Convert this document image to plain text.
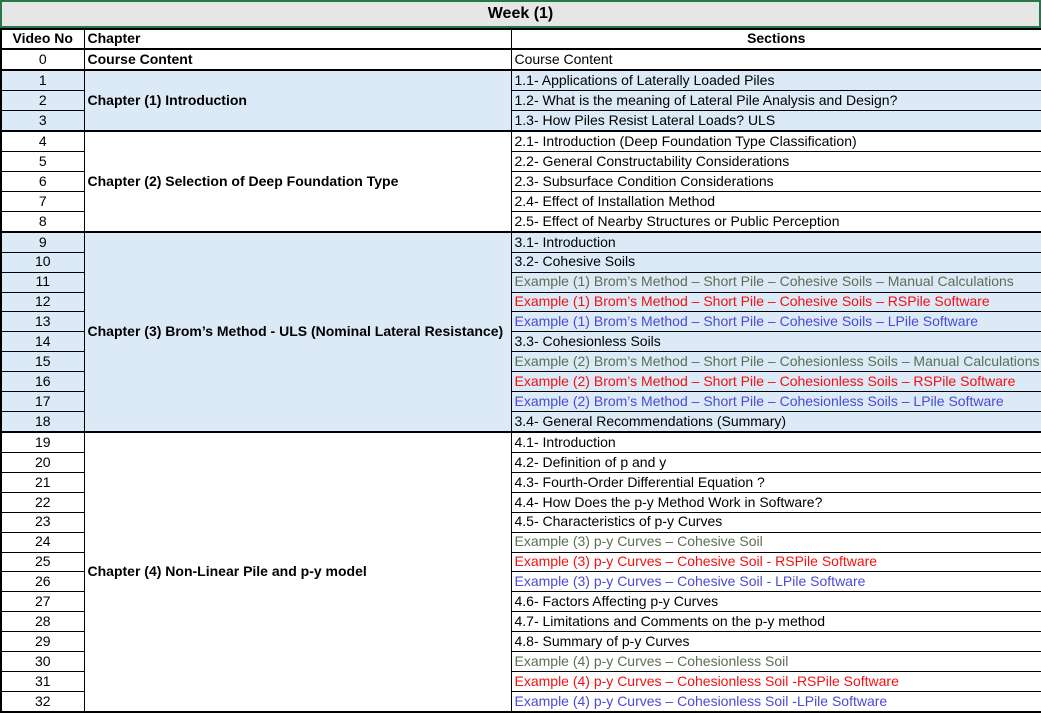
Week (1)
Video No	Chapter	Sections
0	Course Content	Course Content
1	Chapter (1) Introduction	1.1- Applications of Laterally Loaded Piles
2		1.2- What is the meaning of Lateral Pile Analysis and Design?
3		1.3- How Piles Resist Lateral Loads? ULS
4	Chapter (2) Selection of Deep Foundation Type	2.1- Introduction (Deep Foundation Type Classification)
5		2.2- General Constructability Considerations
6		2.3- Subsurface Condition Considerations
7		2.4- Effect of Installation Method
8		2.5- Effect of Nearby Structures or Public Perception
9	Chapter (3) Brom’s Method - ULS (Nominal Lateral Resistance)	3.1- Introduction
10		3.2- Cohesive Soils
11		Example (1) Brom’s Method – Short Pile – Cohesive Soils – Manual Calculations
12		Example (1) Brom’s Method – Short Pile – Cohesive Soils – RSPile Software
13		Example (1) Brom’s Method – Short Pile – Cohesive Soils – LPile Software
14		3.3- Cohesionless Soils
15		Example (2) Brom’s Method – Short Pile – Cohesionless Soils – Manual Calculations
16		Example (2) Brom’s Method – Short Pile – Cohesionless Soils – RSPile Software
17		Example (2) Brom’s Method – Short Pile – Cohesionless Soils – LPile Software
18		3.4- General Recommendations (Summary)
19	Chapter (4) Non-Linear Pile and p-y model	4.1- Introduction
20		4.2- Definition of p and y
21		4.3- Fourth-Order Differential Equation ?
22		4.4- How Does the p-y Method Work in Software?
23		4.5- Characteristics of p-y Curves
24		Example (3) p-y Curves – Cohesive Soil
25		Example (3) p-y Curves – Cohesive Soil - RSPile Software
26		Example (3) p-y Curves – Cohesive Soil - LPile Software
27		4.6- Factors Affecting p-y Curves
28		4.7- Limitations and Comments on the p-y method
29		4.8- Summary of p-y Curves
30		Example (4) p-y Curves – Cohesionless Soil
31		Example (4) p-y Curves – Cohesionless Soil -RSPile Software
32		Example (4) p-y Curves – Cohesionless Soil -LPile Software
